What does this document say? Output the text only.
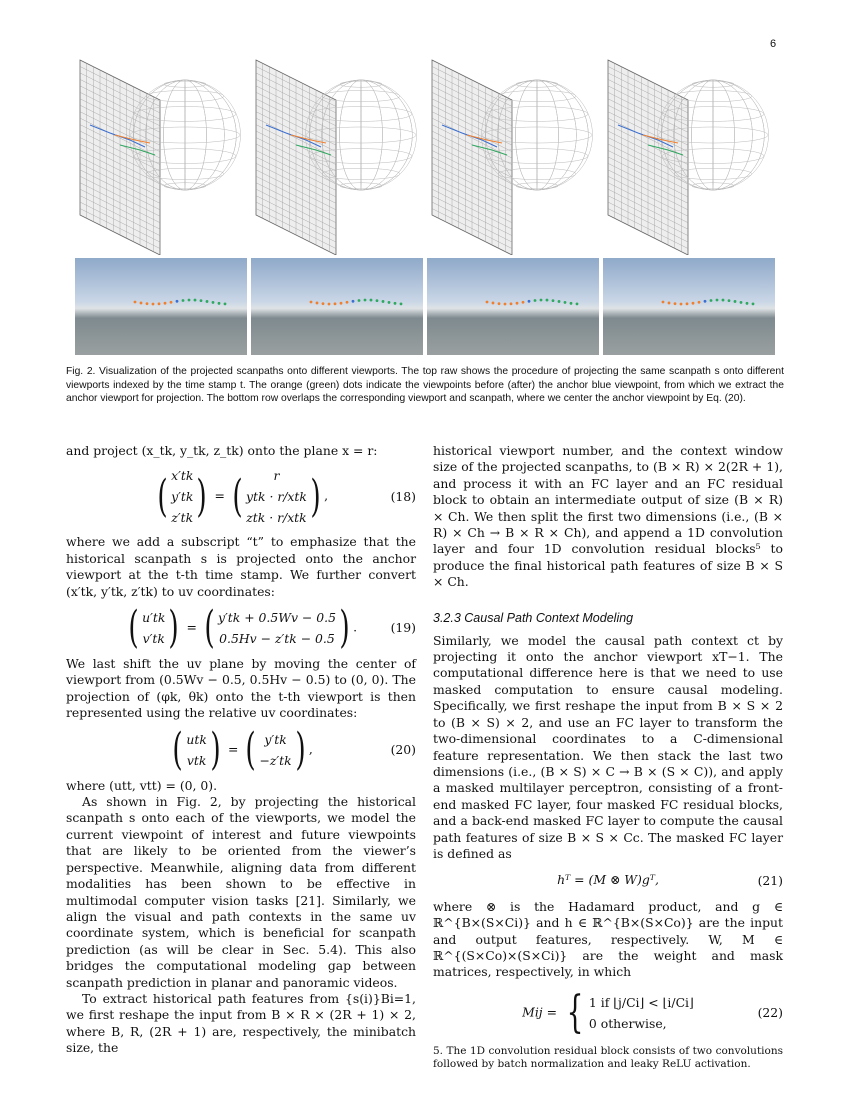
6
Fig. 2. Visualization of the projected scanpaths onto different viewports. The top raw shows the procedure of projecting the same scanpath s onto different viewports indexed by the time stamp t. The orange (green) dots indicate the viewpoints before (after) the anchor blue viewpoint, from which we extract the anchor viewport for projection. The bottom row overlaps the corresponding viewport and scanpath, where we center the anchor viewpoint by Eq. (20).

and project (x_tk, y_tk, z_tk) onto the plane x = r:

( x′tk
y′tk
z′tk ) = ( r
ytk · r/xtk
ztk · r/xtk ) ,	(18)

where we add a subscript “t” to emphasize that the historical scanpath s is projected onto the anchor viewport at the t-th time stamp. We further convert (x′tk, y′tk, z′tk) to uv coordinates:

( u′tk
v′tk ) = ( y′tk + 0.5Wv − 0.5
0.5Hv − z′tk − 0.5 ) .	(19)

We last shift the uv plane by moving the center of viewport from (0.5Wv − 0.5, 0.5Hv − 0.5) to (0, 0). The projection of (φk, θk) onto the t-th viewport is then represented using the relative uv coordinates:

( utk
vtk ) = ( y′tk
−z′tk ) ,	(20)

where (utt, vtt) = (0, 0).

As shown in Fig. 2, by projecting the historical scanpath s onto each of the viewports, we model the current viewpoint of interest and future viewpoints that are likely to be oriented from the viewer’s perspective. Meanwhile, aligning data from different modalities has been shown to be effective in multimodal computer vision tasks [21]. Similarly, we align the visual and path contexts in the same uv coordinate system, which is beneficial for scanpath prediction (as will be clear in Sec. 5.4). This also bridges the computational modeling gap between scanpath prediction in planar and panoramic videos.

To extract historical path features from {s(i)}Bi=1, we first reshape the input from B × R × (2R + 1) × 2, where B, R, (2R + 1) are, respectively, the minibatch size, the

historical viewport number, and the context window size of the projected scanpaths, to (B × R) × 2(2R + 1), and process it with an FC layer and an FC residual block to obtain an intermediate output of size (B × R) × Ch. We then split the first two dimensions (i.e., (B × R) × Ch → B × R × Ch), and append a 1D convolution layer and four 1D convolution residual blocks⁵ to produce the final historical path features of size B × S × Ch.

3.2.3 Causal Path Context Modeling

Similarly, we model the causal path context ct by projecting it onto the anchor viewport xT−1. The computational difference here is that we need to use masked computation to ensure causal modeling. Specifically, we first reshape the input from B × S × 2 to (B × S) × 2, and use an FC layer to transform the two-dimensional coordinates to a C-dimensional feature representation. We then stack the last two dimensions (i.e., (B × S) × C → B × (S × C)), and apply a masked multilayer perceptron, consisting of a front-end masked FC layer, four masked FC residual blocks, and a back-end masked FC layer to compute the causal path features of size B × S × Cc. The masked FC layer is defined as

hᵀ = (M ⊗ W)gᵀ,	(21)

where ⊗ is the Hadamard product, and g ∈ ℝ^{B×(S×Ci)} and h ∈ ℝ^{B×(S×Co)} are the input and output features, respectively. W, M ∈ ℝ^{(S×Co)×(S×Ci)} are the weight and mask matrices, respectively, in which

Mij = { 1 if ⌊j/Ci⌋ < ⌊i/Ci⌋
0 otherwise,
(22)

5. The 1D convolution residual block consists of two convolutions followed by batch normalization and leaky ReLU activation.
